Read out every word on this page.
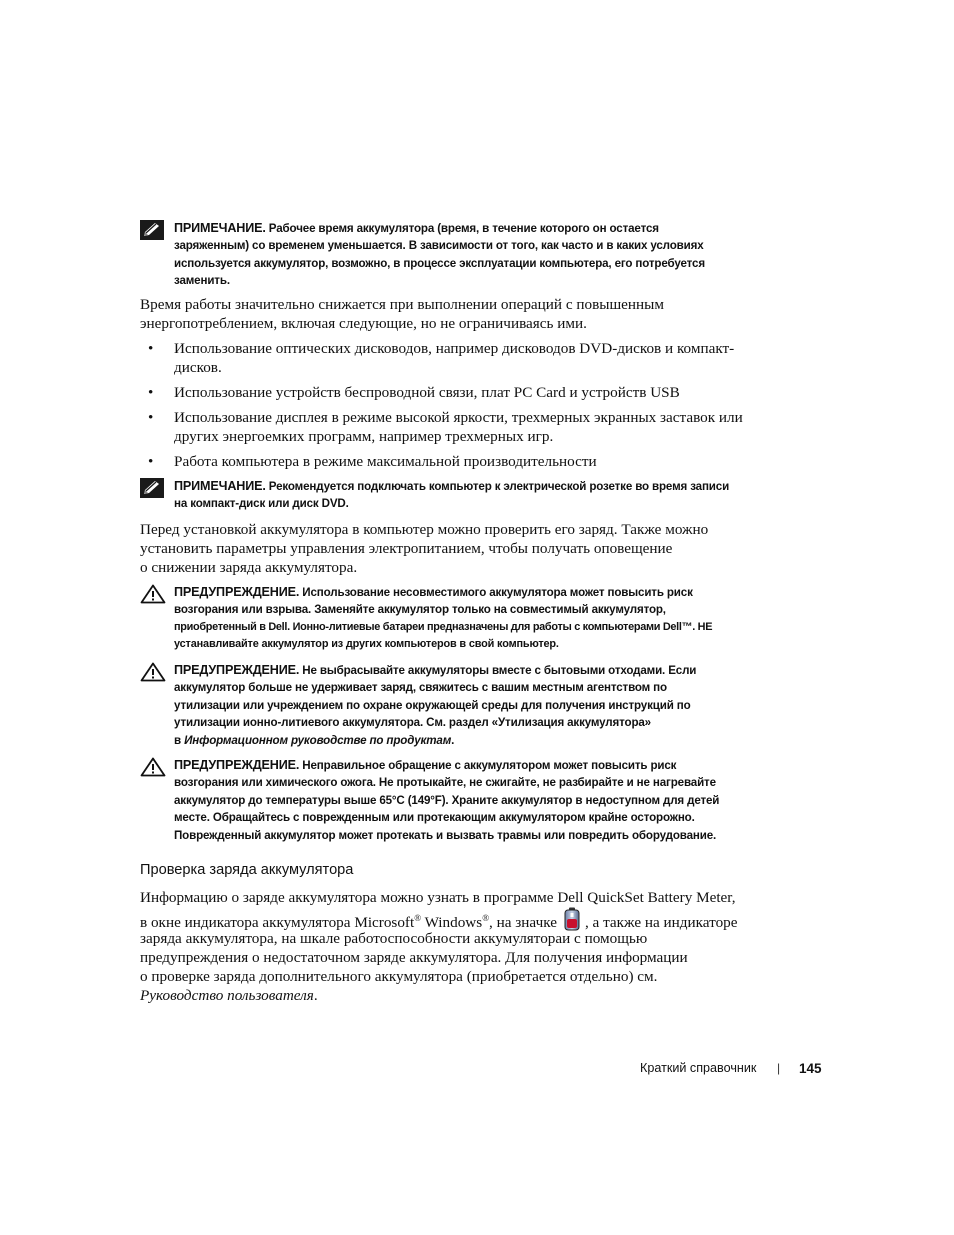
ПРИМЕЧАНИЕ. Рабочее время аккумулятора (время, в течение которого он остается
заряженным) со временем уменьшается. В зависимости от того, как часто и в каких условиях
используется аккумулятор, возможно, в процессе эксплуатации компьютера, его потребуется
заменить.
Время работы значительно снижается при выполнении операций с повышенным
энергопотреблением, включая следующие, но не ограничиваясь ими.
• Использование оптических дисководов, например дисководов DVD-дисков и компакт-
дисков.
• Использование устройств беспроводной связи, плат PC Card и устройств USB
• Использование дисплея в режиме высокой яркости, трехмерных экранных заставок или
других энергоемких программ, например трехмерных игр.
• Работа компьютера в режиме максимальной производительности
ПРИМЕЧАНИЕ. Рекомендуется подключать компьютер к электрической розетке во время записи
на компакт-диск или диск DVD.
Перед установкой аккумулятора в компьютер можно проверить его заряд. Также можно
установить параметры управления электропитанием, чтобы получать оповещение
о снижении заряда аккумулятора.
ПРЕДУПРЕЖДЕНИЕ. Использование несовместимого аккумулятора может повысить риск
возгорания или взрыва. Заменяйте аккумулятор только на совместимый аккумулятор,
приобретенный в Dell. Ионно-литиевые батареи предназначены для работы с компьютерами Dell™. НЕ
устанавливайте аккумулятор из других компьютеров в свой компьютер.
ПРЕДУПРЕЖДЕНИЕ. Не выбрасывайте аккумуляторы вместе с бытовыми отходами. Если
аккумулятор больше не удерживает заряд, свяжитесь с вашим местным агентством по
утилизации или учреждением по охране окружающей среды для получения инструкций по
утилизации ионно-литиевого аккумулятора. См. раздел «Утилизация аккумулятора»
в Информационном руководстве по продуктам.
ПРЕДУПРЕЖДЕНИЕ. Неправильное обращение с аккумулятором может повысить риск
возгорания или химического ожога. Не протыкайте, не сжигайте, не разбирайте и не нагревайте
аккумулятор до температуры выше 65°C (149°F). Храните аккумулятор в недоступном для детей
месте. Обращайтесь с поврежденным или протекающим аккумулятором крайне осторожно.
Поврежденный аккумулятор может протекать и вызвать травмы или повредить оборудование.
Проверка заряда аккумулятора
Информацию о заряде аккумулятора можно узнать в программе Dell QuickSet Battery Meter,
в окне индикатора аккумулятора Microsoft® Windows®, на значке , а также на индикаторе
заряда аккумулятора, на шкале работоспособности аккумулятораи с помощью
предупреждения о недостаточном заряде аккумулятора. Для получения информации
о проверке заряда дополнительного аккумулятора (приобретается отдельно) см.
Руководство пользователя.
Краткий справочник | 145
